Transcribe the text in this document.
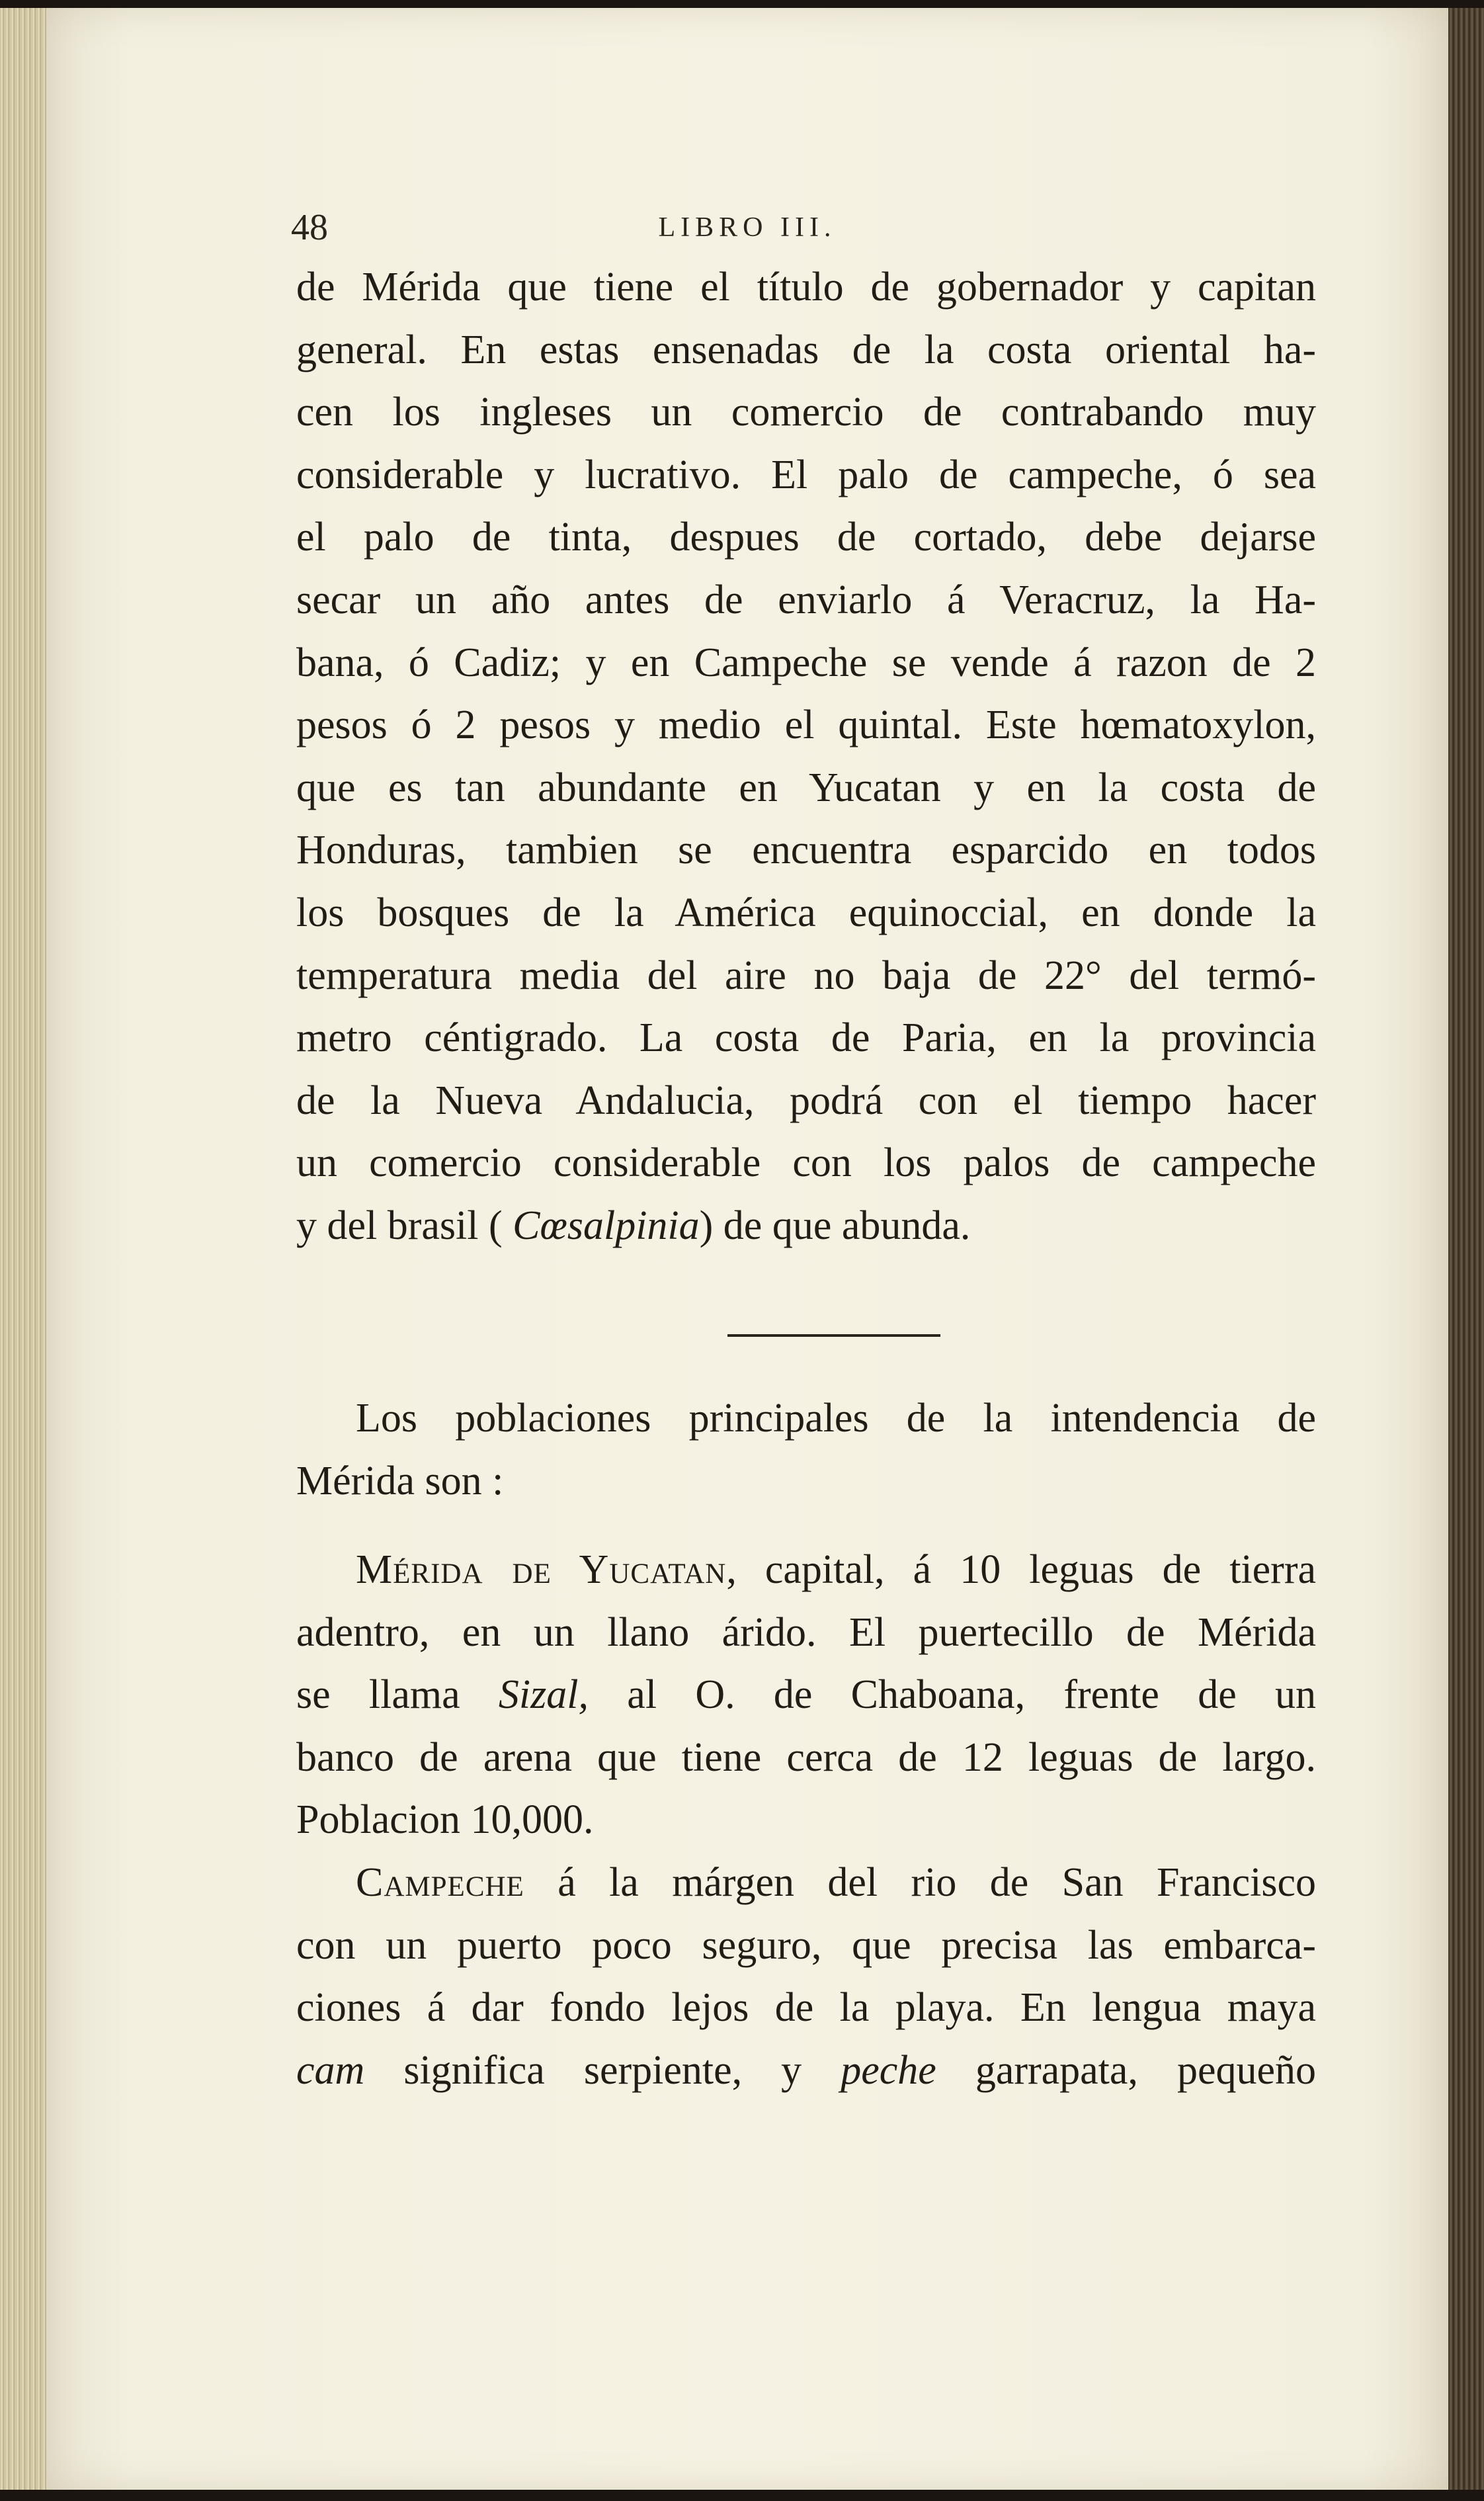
48	LIBRO III.
de Mérida que tiene el título de gobernador y capitan
general. En estas ensenadas de la costa oriental ha-
cen los ingleses un comercio de contrabando muy
considerable y lucrativo. El palo de campeche, ó sea
el palo de tinta, despues de cortado, debe dejarse
secar un año antes de enviarlo á Veracruz, la Ha-
bana, ó Cadiz; y en Campeche se vende á razon de 2
pesos ó 2 pesos y medio el quintal. Este hœmatoxylon,
que es tan abundante en Yucatan y en la costa de
Honduras, tambien se encuentra esparcido en todos
los bosques de la América equinoccial, en donde la
temperatura media del aire no baja de 22° del termó-
metro céntigrado. La costa de Paria, en la provincia
de la Nueva Andalucia, podrá con el tiempo hacer
un comercio considerable con los palos de campeche
y del brasil ( Cœsalpinia) de que abunda.
Los poblaciones principales de la intendencia de
Mérida son :
Mérida de Yucatan, capital, á 10 leguas de tierra
adentro, en un llano árido. El puertecillo de Mérida
se llama Sizal, al O. de Chaboana, frente de un
banco de arena que tiene cerca de 12 leguas de largo.
Poblacion 10,000.
Campeche á la márgen del rio de San Francisco
con un puerto poco seguro, que precisa las embarca-
ciones á dar fondo lejos de la playa. En lengua maya
cam significa serpiente, y peche garrapata, pequeño
